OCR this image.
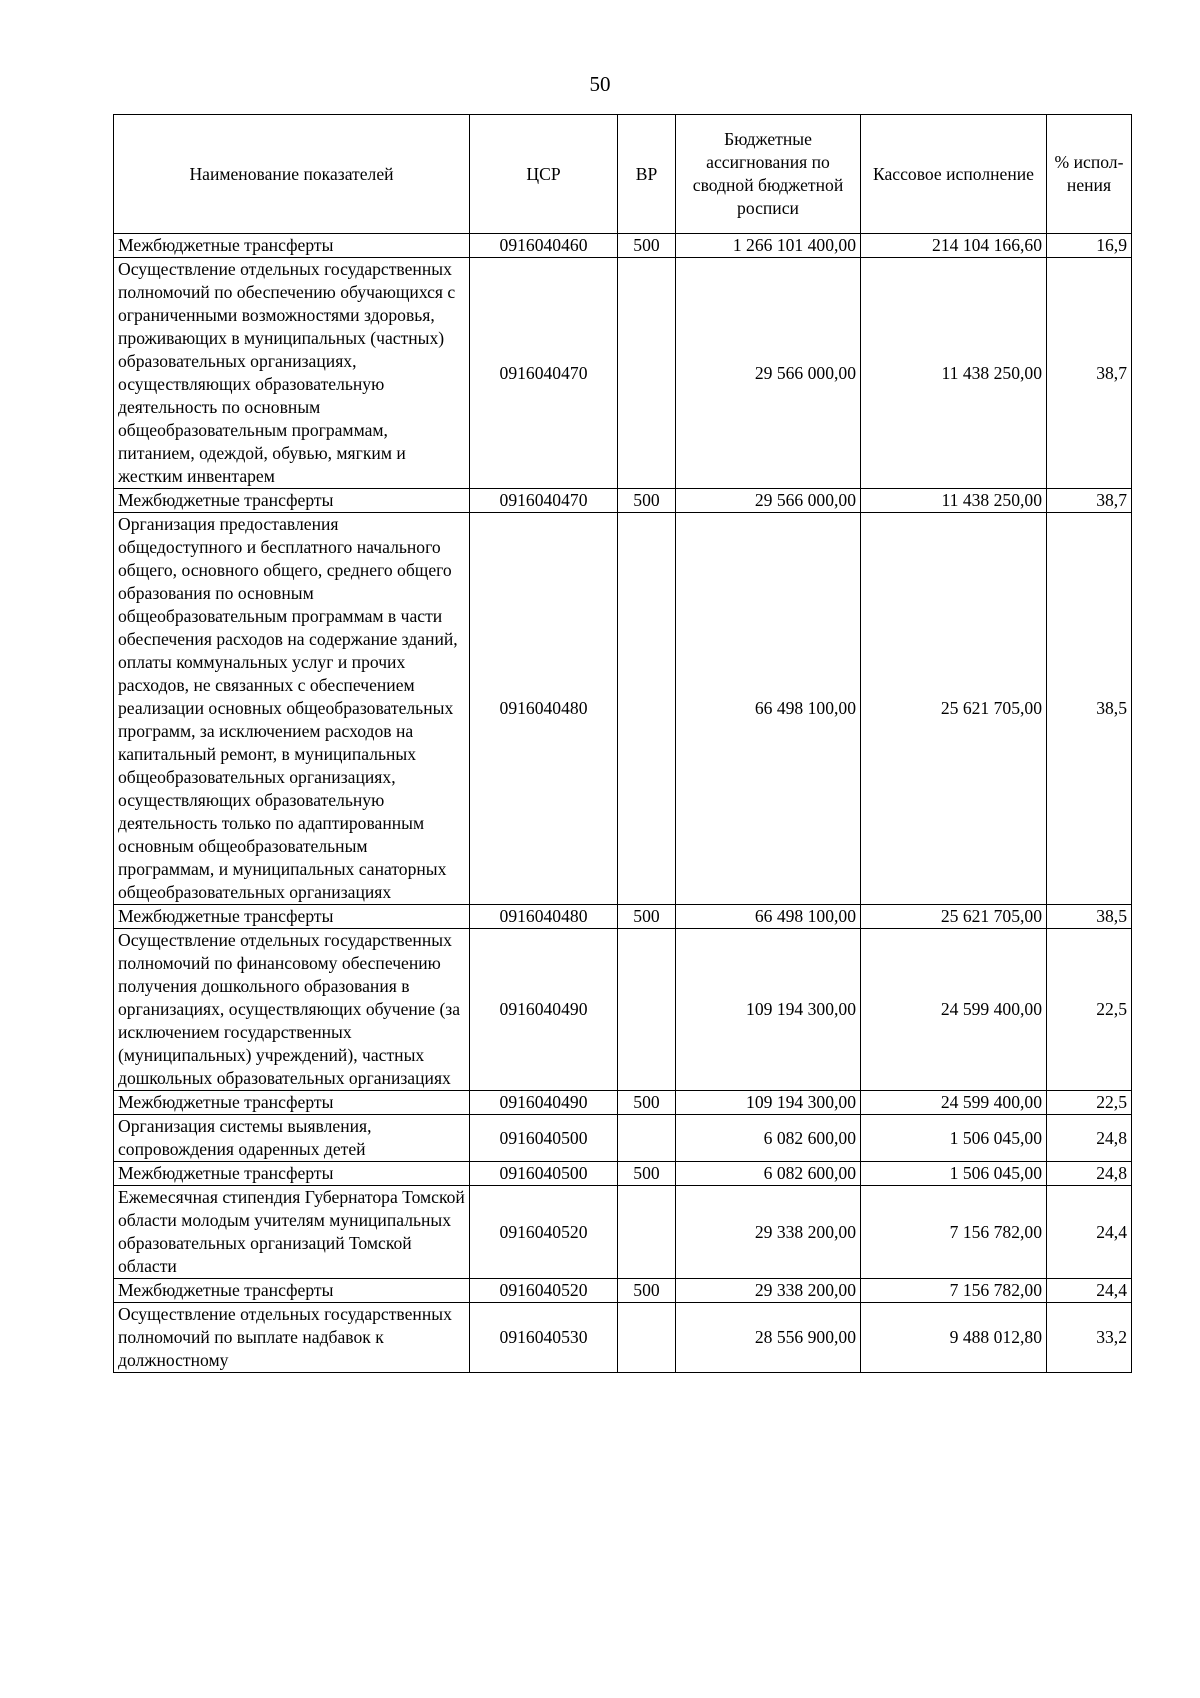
50
Наименование показателей	ЦСР	ВР	Бюджетные ассигнования по сводной бюджетной росписи	Кассовое исполнение	% испол-нения
Межбюджетные трансферты	0916040460	500	1 266 101 400,00	214 104 166,60	16,9
Осуществление отдельных государственных полномочий по обеспечению обучающихся с ограниченными возможностями здоровья, проживающих в муниципальных (частных) образовательных организациях, осуществляющих образовательную деятельность по основным общеобразовательным программам, питанием, одеждой, обувью, мягким и жестким инвентарем	0916040470		29 566 000,00	11 438 250,00	38,7
Межбюджетные трансферты	0916040470	500	29 566 000,00	11 438 250,00	38,7
Организация предоставления общедоступного и бесплатного начального общего, основного общего, среднего общего образования по основным общеобразовательным программам в части обеспечения расходов на содержание зданий, оплаты коммунальных услуг и прочих расходов, не связанных с обеспечением реализации основных общеобразовательных программ, за исключением расходов на капитальный ремонт, в муниципальных общеобразовательных организациях, осуществляющих образовательную деятельность только по адаптированным основным общеобразовательным программам, и муниципальных санаторных общеобразовательных организациях	0916040480		66 498 100,00	25 621 705,00	38,5
Межбюджетные трансферты	0916040480	500	66 498 100,00	25 621 705,00	38,5
Осуществление отдельных государственных полномочий по финансовому обеспечению получения дошкольного образования в организациях, осуществляющих обучение (за исключением государственных (муниципальных) учреждений), частных дошкольных образовательных организациях	0916040490		109 194 300,00	24 599 400,00	22,5
Межбюджетные трансферты	0916040490	500	109 194 300,00	24 599 400,00	22,5
Организация системы выявления, сопровождения одаренных детей	0916040500		6 082 600,00	1 506 045,00	24,8
Межбюджетные трансферты	0916040500	500	6 082 600,00	1 506 045,00	24,8
Ежемесячная стипендия Губернатора Томской области молодым учителям муниципальных образовательных организаций Томской области	0916040520		29 338 200,00	7 156 782,00	24,4
Межбюджетные трансферты	0916040520	500	29 338 200,00	7 156 782,00	24,4
Осуществление отдельных государственных полномочий по выплате надбавок к должностному	0916040530		28 556 900,00	9 488 012,80	33,2
